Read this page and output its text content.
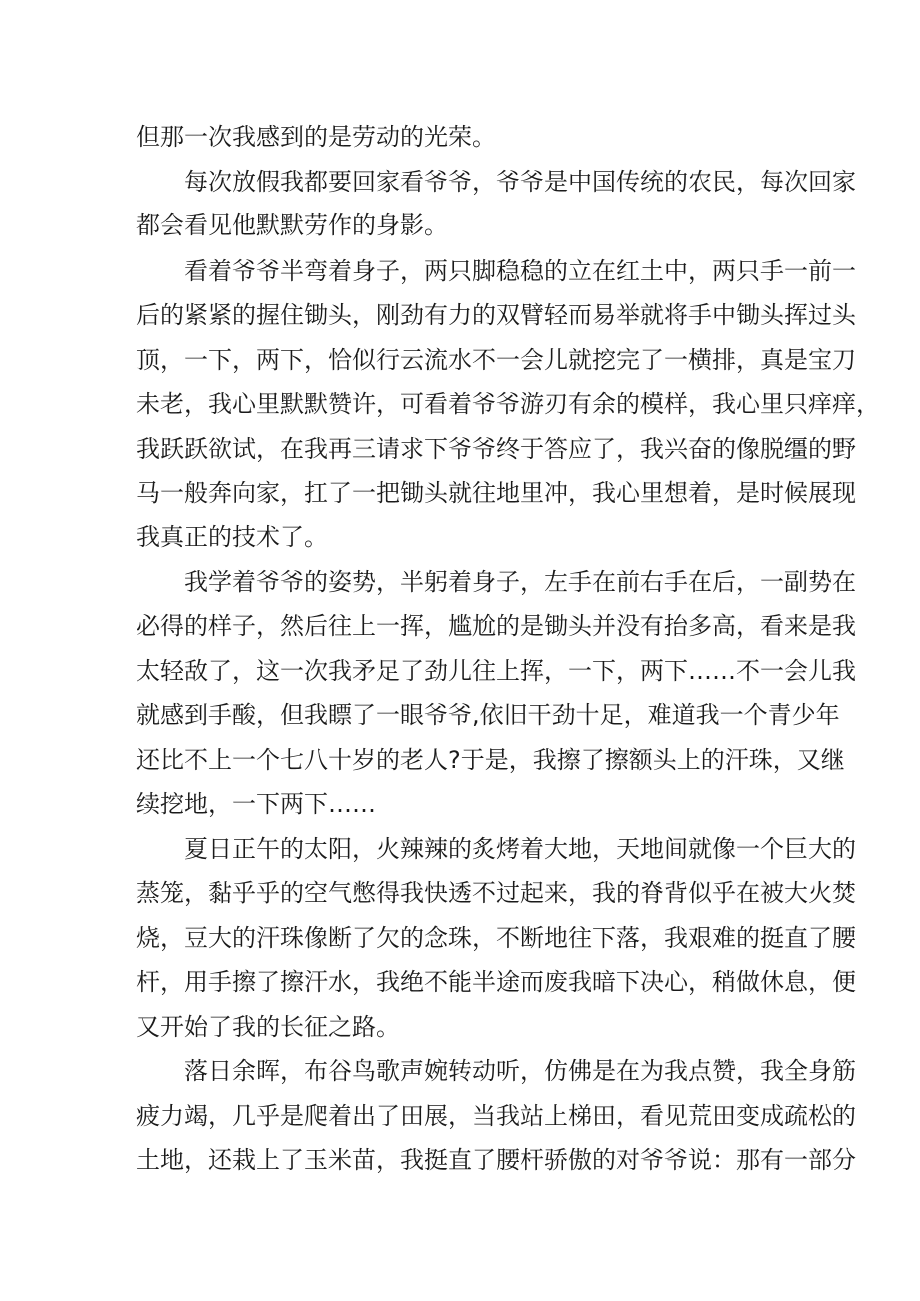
但那一次我感到的是劳动的光荣。
每次放假我都要回家看爷爷，爷爷是中国传统的农民，每次回家
都会看见他默默劳作的身影。
看着爷爷半弯着身子，两只脚稳稳的立在红土中，两只手一前一
后的紧紧的握住锄头，刚劲有力的双臂轻而易举就将手中锄头挥过头
顶，一下，两下，恰似行云流水不一会儿就挖完了一横排，真是宝刀
未老，我心里默默赞许，可看着爷爷游刃有余的模样，我心里只痒痒，
我跃跃欲试，在我再三请求下爷爷终于答应了，我兴奋的像脱缰的野
马一般奔向家，扛了一把锄头就往地里冲，我心里想着，是时候展现
我真正的技术了。
我学着爷爷的姿势，半躬着身子，左手在前右手在后，一副势在
必得的样子，然后往上一挥，尴尬的是锄头并没有抬多高，看来是我
太轻敌了，这一次我矛足了劲儿往上挥，一下，两下……不一会儿我
就感到手酸，但我瞟了一眼爷爷,依旧干劲十足，难道我一个青少年
还比不上一个七八十岁的老人?于是，我擦了擦额头上的汗珠，又继
续挖地，一下两下……
夏日正午的太阳，火辣辣的炙烤着大地，天地间就像一个巨大的
蒸笼，黏乎乎的空气憋得我快透不过起来，我的脊背似乎在被大火焚
烧，豆大的汗珠像断了欠的念珠，不断地往下落，我艰难的挺直了腰
杆，用手擦了擦汗水，我绝不能半途而废我暗下决心，稍做休息，便
又开始了我的长征之路。
落日余晖，布谷鸟歌声婉转动听，仿佛是在为我点赞，我全身筋
疲力竭，几乎是爬着出了田展，当我站上梯田，看见荒田变成疏松的
土地，还栽上了玉米苗，我挺直了腰杆骄傲的对爷爷说：那有一部分
